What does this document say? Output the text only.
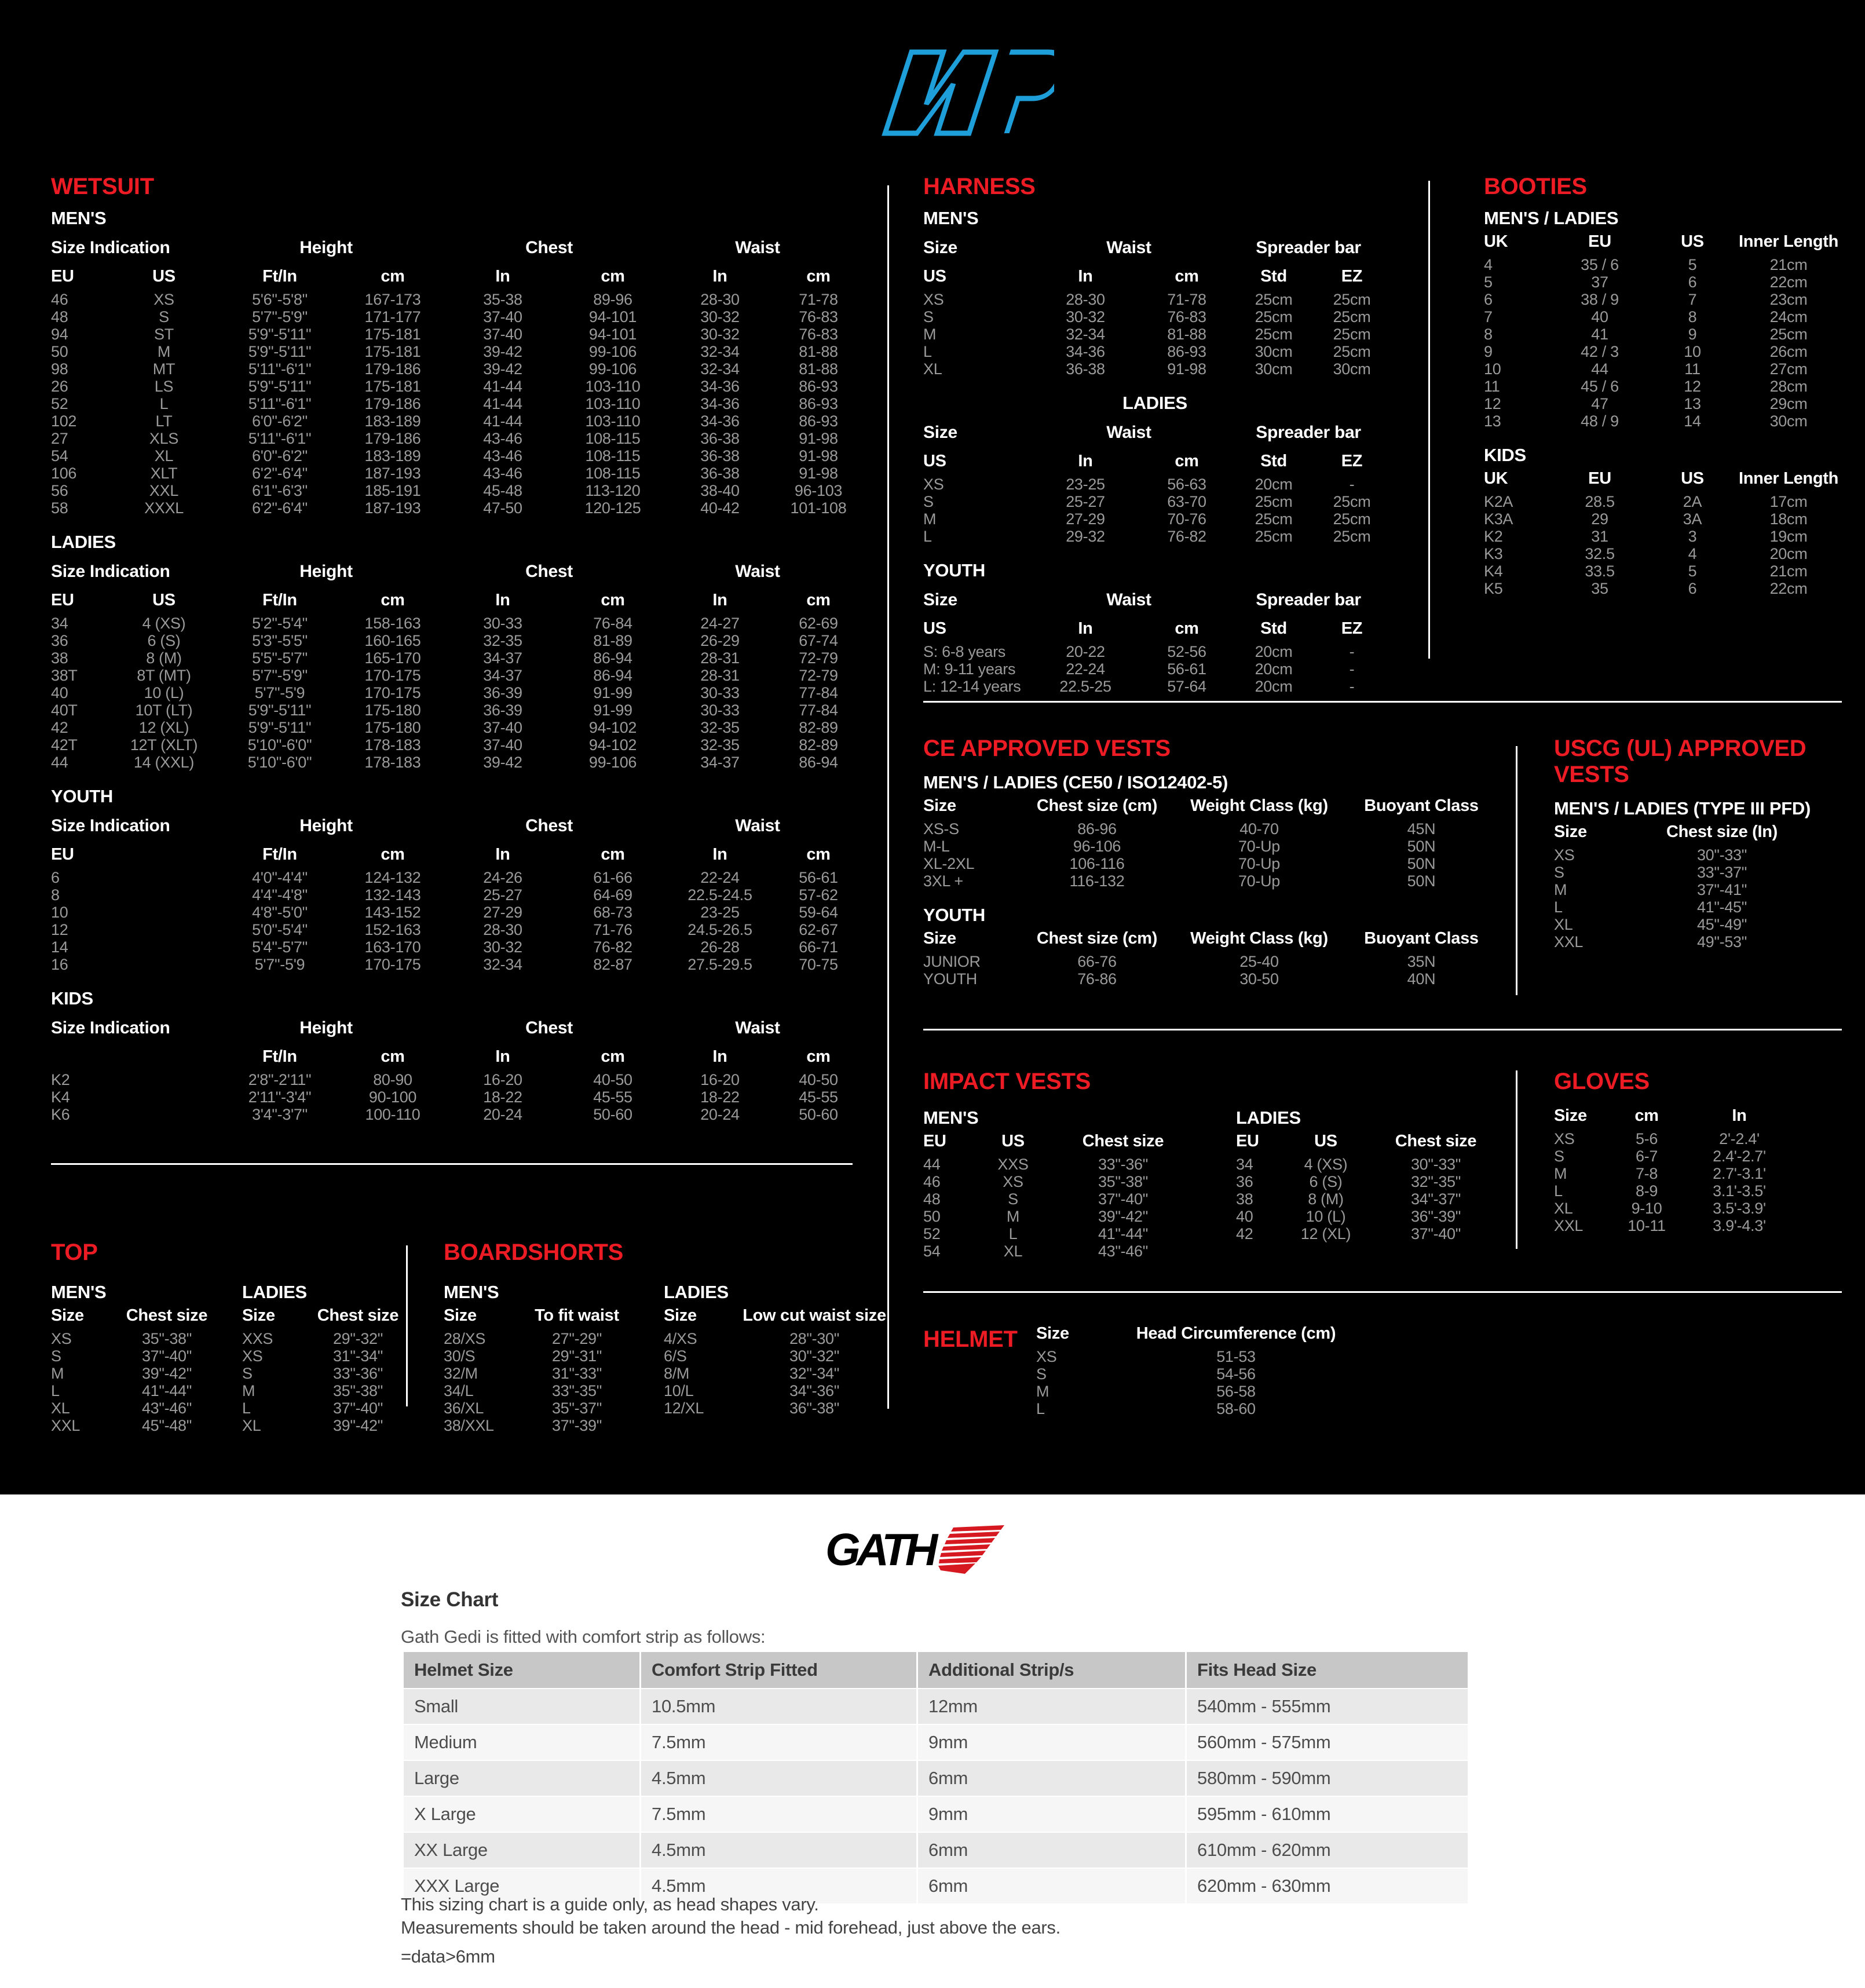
WETSUIT
MEN'S
Size Indication	Height	Chest	Waist
EU	US	Ft/In	cm	In	cm	In	cm
46	XS	5'6"-5'8"	167-173	35-38	89-96	28-30	71-78
48	S	5'7"-5'9"	171-177	37-40	94-101	30-32	76-83
94	ST	5'9"-5'11"	175-181	37-40	94-101	30-32	76-83
50	M	5'9"-5'11"	175-181	39-42	99-106	32-34	81-88
98	MT	5'11"-6'1"	179-186	39-42	99-106	32-34	81-88
26	LS	5'9"-5'11"	175-181	41-44	103-110	34-36	86-93
52	L	5'11"-6'1"	179-186	41-44	103-110	34-36	86-93
102	LT	6'0"-6'2"	183-189	41-44	103-110	34-36	86-93
27	XLS	5'11"-6'1"	179-186	43-46	108-115	36-38	91-98
54	XL	6'0"-6'2"	183-189	43-46	108-115	36-38	91-98
106	XLT	6'2"-6'4"	187-193	43-46	108-115	36-38	91-98
56	XXL	6'1"-6'3"	185-191	45-48	113-120	38-40	96-103
58	XXXL	6'2"-6'4"	187-193	47-50	120-125	40-42	101-108
LADIES
Size Indication	Height	Chest	Waist
EU	US	Ft/In	cm	In	cm	In	cm
34	4 (XS)	5'2"-5'4"	158-163	30-33	76-84	24-27	62-69
36	6 (S)	5'3"-5'5"	160-165	32-35	81-89	26-29	67-74
38	8 (M)	5'5"-5'7"	165-170	34-37	86-94	28-31	72-79
38T	8T (MT)	5'7"-5'9"	170-175	34-37	86-94	28-31	72-79
40	10 (L)	5'7"-5'9	170-175	36-39	91-99	30-33	77-84
40T	10T (LT)	5'9"-5'11"	175-180	36-39	91-99	30-33	77-84
42	12 (XL)	5'9"-5'11"	175-180	37-40	94-102	32-35	82-89
42T	12T (XLT)	5'10"-6'0"	178-183	37-40	94-102	32-35	82-89
44	14 (XXL)	5'10"-6'0"	178-183	39-42	99-106	34-37	86-94
YOUTH
Size Indication	Height	Chest	Waist
EU	Ft/In	cm	In	cm	In	cm
6	4'0"-4'4"	124-132	24-26	61-66	22-24	56-61
8	4'4"-4'8"	132-143	25-27	64-69	22.5-24.5	57-62
10	4'8"-5'0"	143-152	27-29	68-73	23-25	59-64
12	5'0"-5'4"	152-163	28-30	71-76	24.5-26.5	62-67
14	5'4"-5'7"	163-170	30-32	76-82	26-28	66-71
16	5'7"-5'9	170-175	32-34	82-87	27.5-29.5	70-75
KIDS
Size Indication	Height	Chest	Waist
Ft/In	cm	In	cm	In	cm
K2	2'8"-2'11"	80-90	16-20	40-50	16-20	40-50
K4	2'11"-3'4"	90-100	18-22	45-55	18-22	45-55
K6	3'4"-3'7"	100-110	20-24	50-60	20-24	50-60
TOP
MEN'S
Size	Chest size
XS	35"-38"
S	37"-40"
M	39"-42"
L	41"-44"
XL	43"-46"
XXL	45"-48"
LADIES
Size	Chest size
XXS	29"-32"
XS	31"-34"
S	33"-36"
M	35"-38"
L	37"-40"
XL	39"-42"
BOARDSHORTS
MEN'S
Size	To fit waist
28/XS	27"-29"
30/S	29"-31"
32/M	31"-33"
34/L	33"-35"
36/XL	35"-37"
38/XXL	37"-39"
LADIES
Size	Low cut waist size
4/XS	28"-30"
6/S	30"-32"
8/M	32"-34"
10/L	34"-36"
12/XL	36"-38"
HARNESS
MEN'S
Size	Waist	Spreader bar
US	In	cm	Std	EZ
XS	28-30	71-78	25cm	25cm
S	30-32	76-83	25cm	25cm
M	32-34	81-88	25cm	25cm
L	34-36	86-93	30cm	25cm
XL	36-38	91-98	30cm	30cm
LADIES
Size	Waist	Spreader bar
US	In	cm	Std	EZ
XS	23-25	56-63	20cm	-
S	25-27	63-70	25cm	25cm
M	27-29	70-76	25cm	25cm
L	29-32	76-82	25cm	25cm
YOUTH
Size	Waist	Spreader bar
US	In	cm	Std	EZ
S: 6-8 years	20-22	52-56	20cm	-
M: 9-11 years	22-24	56-61	20cm	-
L: 12-14 years	22.5-25	57-64	20cm	-
CE APPROVED VESTS
MEN'S / LADIES (CE50 / ISO12402-5)
Size	Chest size (cm)	Weight Class (kg)	Buoyant Class
XS-S	86-96	40-70	45N
M-L	96-106	70-Up	50N
XL-2XL	106-116	70-Up	50N
3XL +	116-132	70-Up	50N
YOUTH
Size	Chest size (cm)	Weight Class (kg)	Buoyant Class
JUNIOR	66-76	25-40	35N
YOUTH	76-86	30-50	40N
IMPACT VESTS
MEN'S
EU	US	Chest size
44	XXS	33"-36"
46	XS	35"-38"
48	S	37"-40"
50	M	39"-42"
52	L	41"-44"
54	XL	43"-46"
LADIES
EU	US	Chest size
34	4 (XS)	30"-33"
36	6 (S)	32"-35"
38	8 (M)	34"-37"
40	10 (L)	36"-39"
42	12 (XL)	37"-40"
HELMET	Size	Head Circumference (cm)
XS	51-53
S	54-56
M	56-58
L	58-60
BOOTIES
MEN'S / LADIES
UK	EU	US	Inner Length
4	35 / 6	5	21cm
5	37	6	22cm
6	38 / 9	7	23cm
7	40	8	24cm
8	41	9	25cm
9	42 / 3	10	26cm
10	44	11	27cm
11	45 / 6	12	28cm
12	47	13	29cm
13	48 / 9	14	30cm
KIDS
UK	EU	US	Inner Length
K2A	28.5	2A	17cm
K3A	29	3A	18cm
K2	31	3	19cm
K3	32.5	4	20cm
K4	33.5	5	21cm
K5	35	6	22cm
USCG (UL) APPROVED VESTS
MEN'S / LADIES (TYPE III PFD)
Size	Chest size (In)
XS	30"-33"
S	33"-37"
M	37"-41"
L	41"-45"
XL	45"-49"
XXL	49"-53"
GLOVES
Size	cm	In
XS	5-6	2'-2.4'
S	6-7	2.4'-2.7'
M	7-8	2.7'-3.1'
L	8-9	3.1'-3.5'
XL	9-10	3.5'-3.9'
XXL	10-11	3.9'-4.3'
GATH
Size Chart
Gath Gedi is fitted with comfort strip as follows:
Helmet Size	Comfort Strip Fitted	Additional Strip/s	Fits Head Size
Small	10.5mm	12mm	540mm - 555mm
Medium	7.5mm	9mm	560mm - 575mm
Large	4.5mm	6mm	580mm - 590mm
X Large	7.5mm	9mm	595mm - 610mm
XX Large	4.5mm	6mm	610mm - 620mm
XXX Large	4.5mm	6mm	620mm - 630mm
This sizing chart is a guide only, as head shapes vary.
Measurements should be taken around the head - mid forehead, just above the ears.
=data>6mm
